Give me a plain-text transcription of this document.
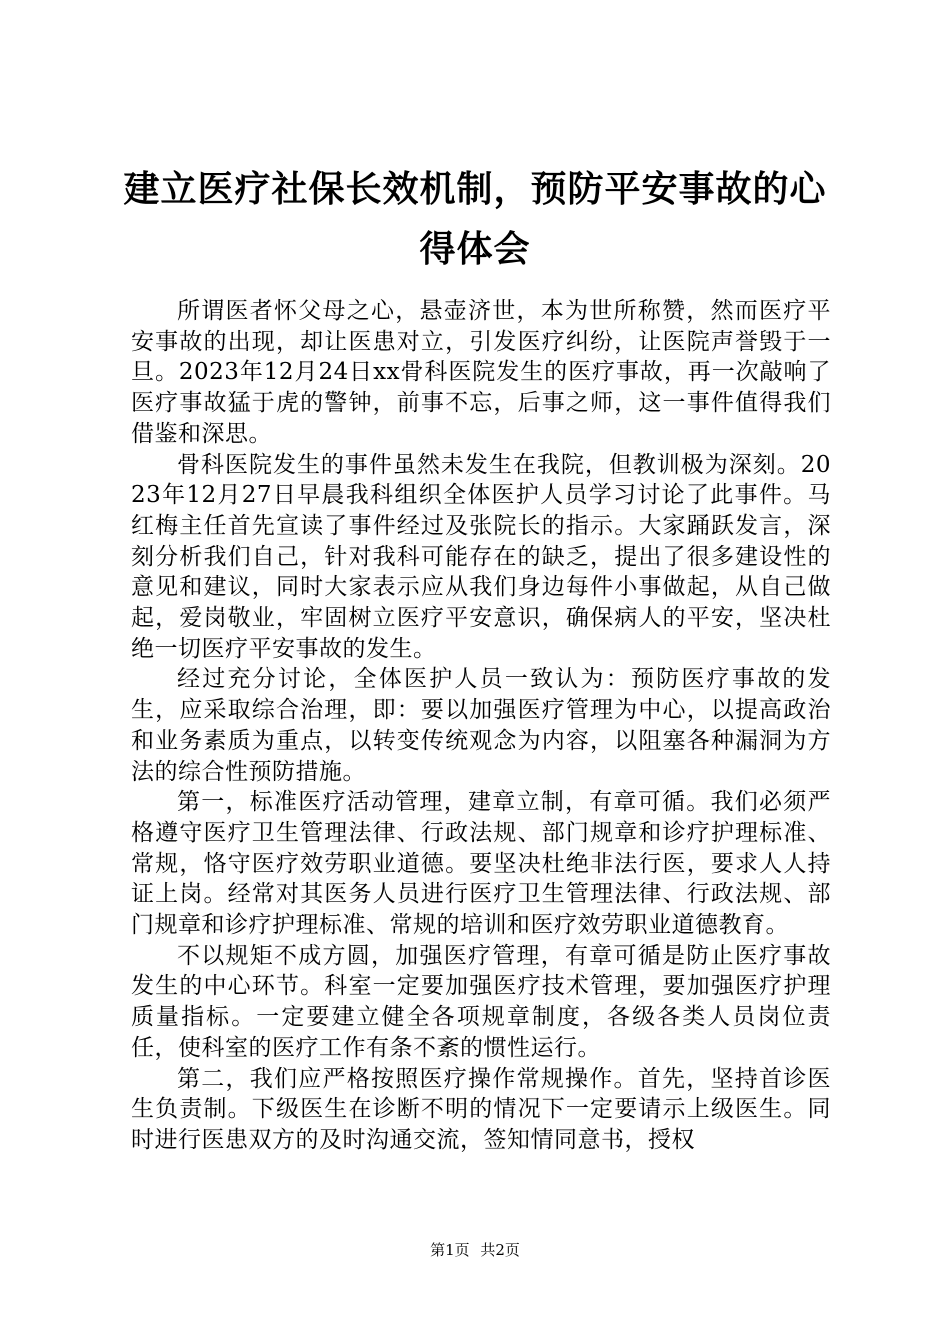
建立医疗社保长效机制，预防平安事故的心得体会

所谓医者怀父母之心，悬壶济世，本为世所称赞，然而医疗平安事故的出现，却让医患对立，引发医疗纠纷，让医院声誉毁于一旦。2023年12月24日xx骨科医院发生的医疗事故，再一次敲响了医疗事故猛于虎的警钟，前事不忘，后事之师，这一事件值得我们借鉴和深思。

骨科医院发生的事件虽然未发生在我院，但教训极为深刻。2023年12月27日早晨我科组织全体医护人员学习讨论了此事件。马红梅主任首先宣读了事件经过及张院长的指示。大家踊跃发言，深刻分析我们自己，针对我科可能存在的缺乏，提出了很多建设性的意见和建议，同时大家表示应从我们身边每件小事做起，从自己做起，爱岗敬业，牢固树立医疗平安意识，确保病人的平安，坚决杜绝一切医疗平安事故的发生。

经过充分讨论，全体医护人员一致认为：预防医疗事故的发生，应采取综合治理，即：要以加强医疗管理为中心，以提高政治和业务素质为重点，以转变传统观念为内容，以阻塞各种漏洞为方法的综合性预防措施。

第一，标准医疗活动管理，建章立制，有章可循。我们必须严格遵守医疗卫生管理法律、行政法规、部门规章和诊疗护理标准、常规，恪守医疗效劳职业道德。要坚决杜绝非法行医，要求人人持证上岗。经常对其医务人员进行医疗卫生管理法律、行政法规、部门规章和诊疗护理标准、常规的培训和医疗效劳职业道德教育。

不以规矩不成方圆，加强医疗管理，有章可循是防止医疗事故发生的中心环节。科室一定要加强医疗技术管理，要加强医疗护理质量指标。一定要建立健全各项规章制度，各级各类人员岗位责任，使科室的医疗工作有条不紊的惯性运行。

第二，我们应严格按照医疗操作常规操作。首先，坚持首诊医生负责制。下级医生在诊断不明的情况下一定要请示上级医生。同时进行医患双方的及时沟通交流，签知情同意书，授权

第1页 共2页
